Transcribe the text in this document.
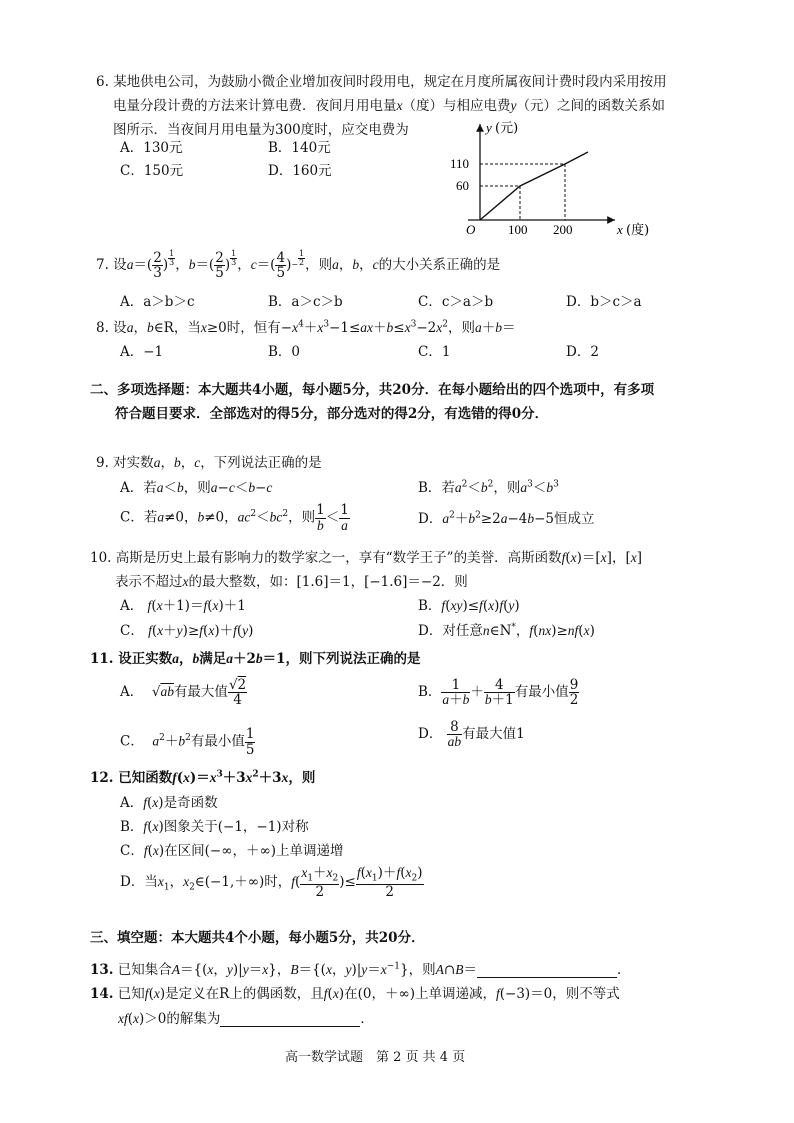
6. 某地供电公司，为鼓励小微企业增加夜间时段用电，规定在月度所属夜间计费时段内采用按用
电量分段计费的方法来计算电费．夜间月用电量x（度）与相应电费y（元）之间的函数关系如
图所示．当夜间月用电量为300度时，应交电费为
A．130元	B．140元
C．150元	D．160元
y (元)
x (度)
O
110
60
100 200
7. 设$a=( \frac{2}{3}$ ) $^{\frac{1}{3}}$ ，$b=( \frac{2}{5}$ ) $^{\frac{1}{3}}$ ，$c=( \frac{4}{5} )^-$ $^{\frac{1}{2}}$ ，则a，b，c的大小关系正确的是
A．a＞b＞c	B．a＞c＞b	C．c＞a＞b	D．b＞c＞a
8. 设a，b∈R，当x≥0时，恒有$-x^4+x^3-1\le ax+b\le x^3-2x^2$，则a＋b＝
A．−1	B．0	C．1	D．2
二、多项选择题：本大题共4小题，每小题5分，共20分．在每小题给出的四个选项中，有多项
符合题目要求．全部选对的得5分，部分选对的得2分，有选错的得0分．
9. 对实数a，b，c，下列说法正确的是
A．若a＜b，则a−c＜b−c	B．若$a^2<b^2$，则$a^3<b^3$
C．若a≠0，b≠0，$ac^2<bc^2$，则 $\frac{1}{b} < \frac{1}{a}$	D．$a^2+b^2\ge 2a-4b-5$恒成立
10. 高斯是历史上最有影响力的数学家之一，享有“数学王子”的美誉．高斯函数f(x)＝[x]，[x]
表示不超过x的最大整数，如：[1.6]＝1，[−1.6]＝−2．则
A． f(x＋1)＝f(x)＋1	B．f(xy)≤f(x)f(y)
C． f(x＋y)≥f(x)＋f(y)	D．对任意n∈N*，f(nx)≥nf(x)
11. 设正实数a，b满足a＋2b＝1，则下列说法正确的是
A．  √ab有最大值 $\frac{√2}{4}$	B． $\frac{1}{a+b} + \frac{4}{b+1}$ 有最小值 $\frac{9}{2}$
C．  $a^2+b^2$有最小值 $\frac{1}{5}$	D． $\frac{8}{ab}$ 有最大值1
12. 已知函数$f(x)=x^3+3x^2+3x$，则
A．f(x)是奇函数
B．f(x)图象关于(−1，−1)对称
C．f(x)在区间(−∞，＋∞)上单调递增
D．当$x_1$，$x_2\in(-1,+\infty)$时，$f( \frac{x_1+x_2}{2}$ )≤ $\frac{f(x_1)+f(x_2)}{2}$
三、填空题：本大题共4个小题，每小题5分，共20分．
13. 已知集合A＝{(x，y)|y＝x}，B＝{(x，$y)|y=x^{-1}$}，则A∩B＝	．
14. 已知f(x)是定义在R上的偶函数，且f(x)在(0，＋∞)上单调递减，f(−3)＝0，则不等式
xf(x)＞0的解集为	．
高一数学试题　第 2 页 共 4 页
